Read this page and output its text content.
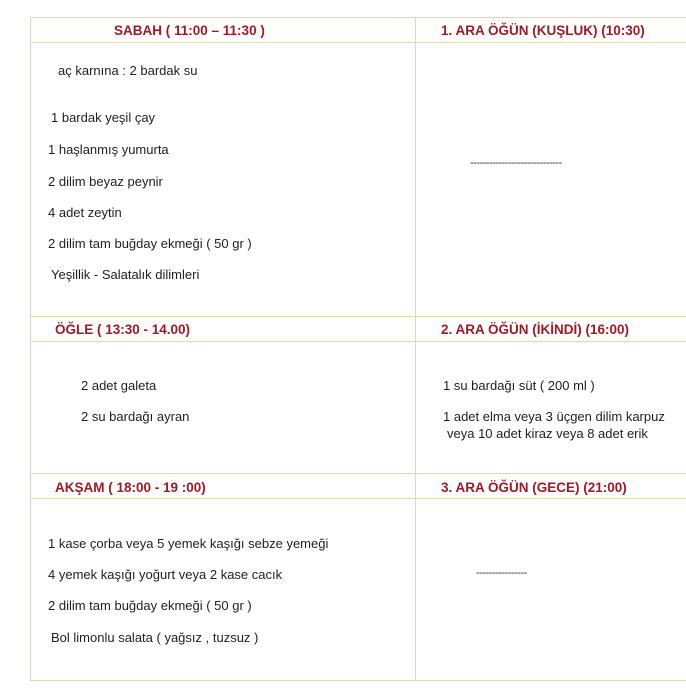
SABAH ( 11:00 – 11:30 )
aç karnına : 2 bardak su
1 bardak yeşil çay
1 haşlanmış yumurta
2 dilim beyaz peynir
4 adet zeytin
2 dilim tam buğday ekmeği ( 50 gr )
Yeşillik - Salatalık dilimleri
1. ARA ÖĞÜN (KUŞLUK) (10:30)
-----------------------------
ÖĞLE ( 13:30 - 14.00)
2 adet galeta
2 su bardağı ayran
2. ARA ÖĞÜN (İKİNDİ) (16:00)
1 su bardağı süt ( 200 ml )
1 adet elma veya 3 üçgen dilim karpuz
veya 10 adet kiraz veya 8 adet erik
AKŞAM ( 18:00 - 19 :00)
1 kase çorba veya 5 yemek kaşığı sebze yemeği
4 yemek kaşığı yoğurt veya 2 kase cacık
2 dilim tam buğday ekmeği ( 50 gr )
Bol limonlu salata ( yağsız , tuzsuz )
3. ARA ÖĞÜN (GECE) (21:00)
----------------
